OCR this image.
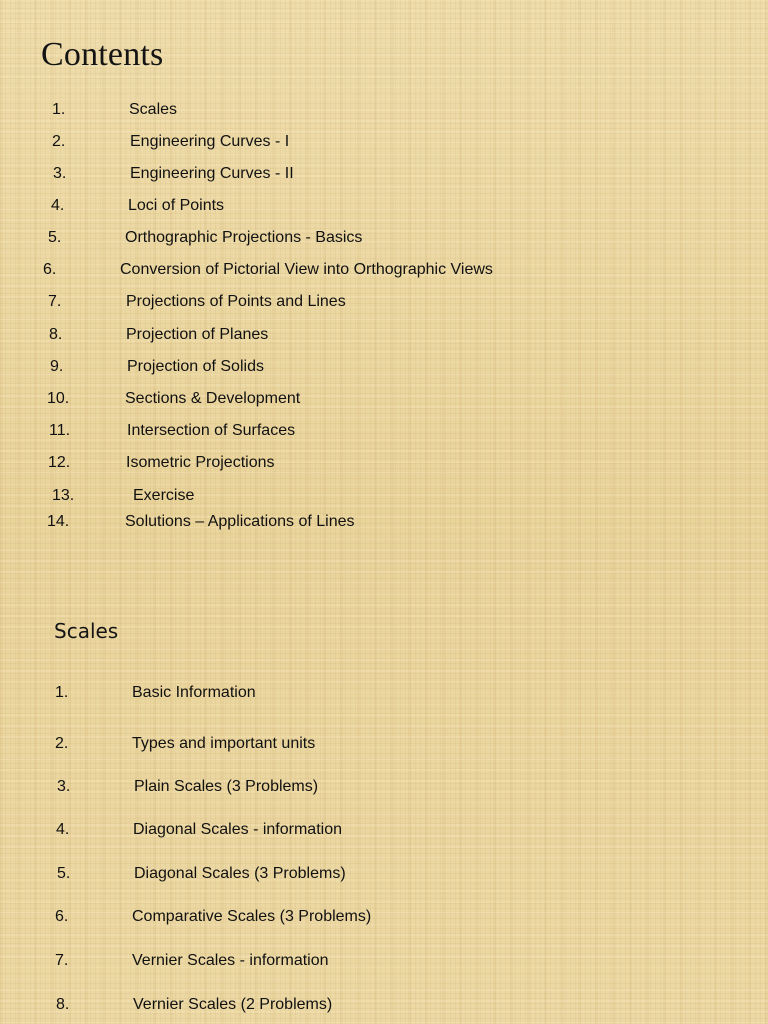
Contents
1.	Scales
2.	Engineering Curves - I
3.	Engineering Curves - II
4.	Loci of Points
5.	Orthographic Projections - Basics
6.	Conversion of Pictorial View into Orthographic Views
7.	Projections of Points and Lines
8.	Projection of Planes
9.	Projection of Solids
10.	Sections & Development
11.	Intersection of Surfaces
12.	Isometric Projections
13.	Exercise
14.	Solutions – Applications of Lines
Scales
1.	Basic Information
2.	Types and important units
3.	Plain Scales (3 Problems)
4.	Diagonal Scales - information
5.	Diagonal Scales (3 Problems)
6.	Comparative Scales (3 Problems)
7.	Vernier Scales - information
8.	Vernier Scales (2 Problems)
